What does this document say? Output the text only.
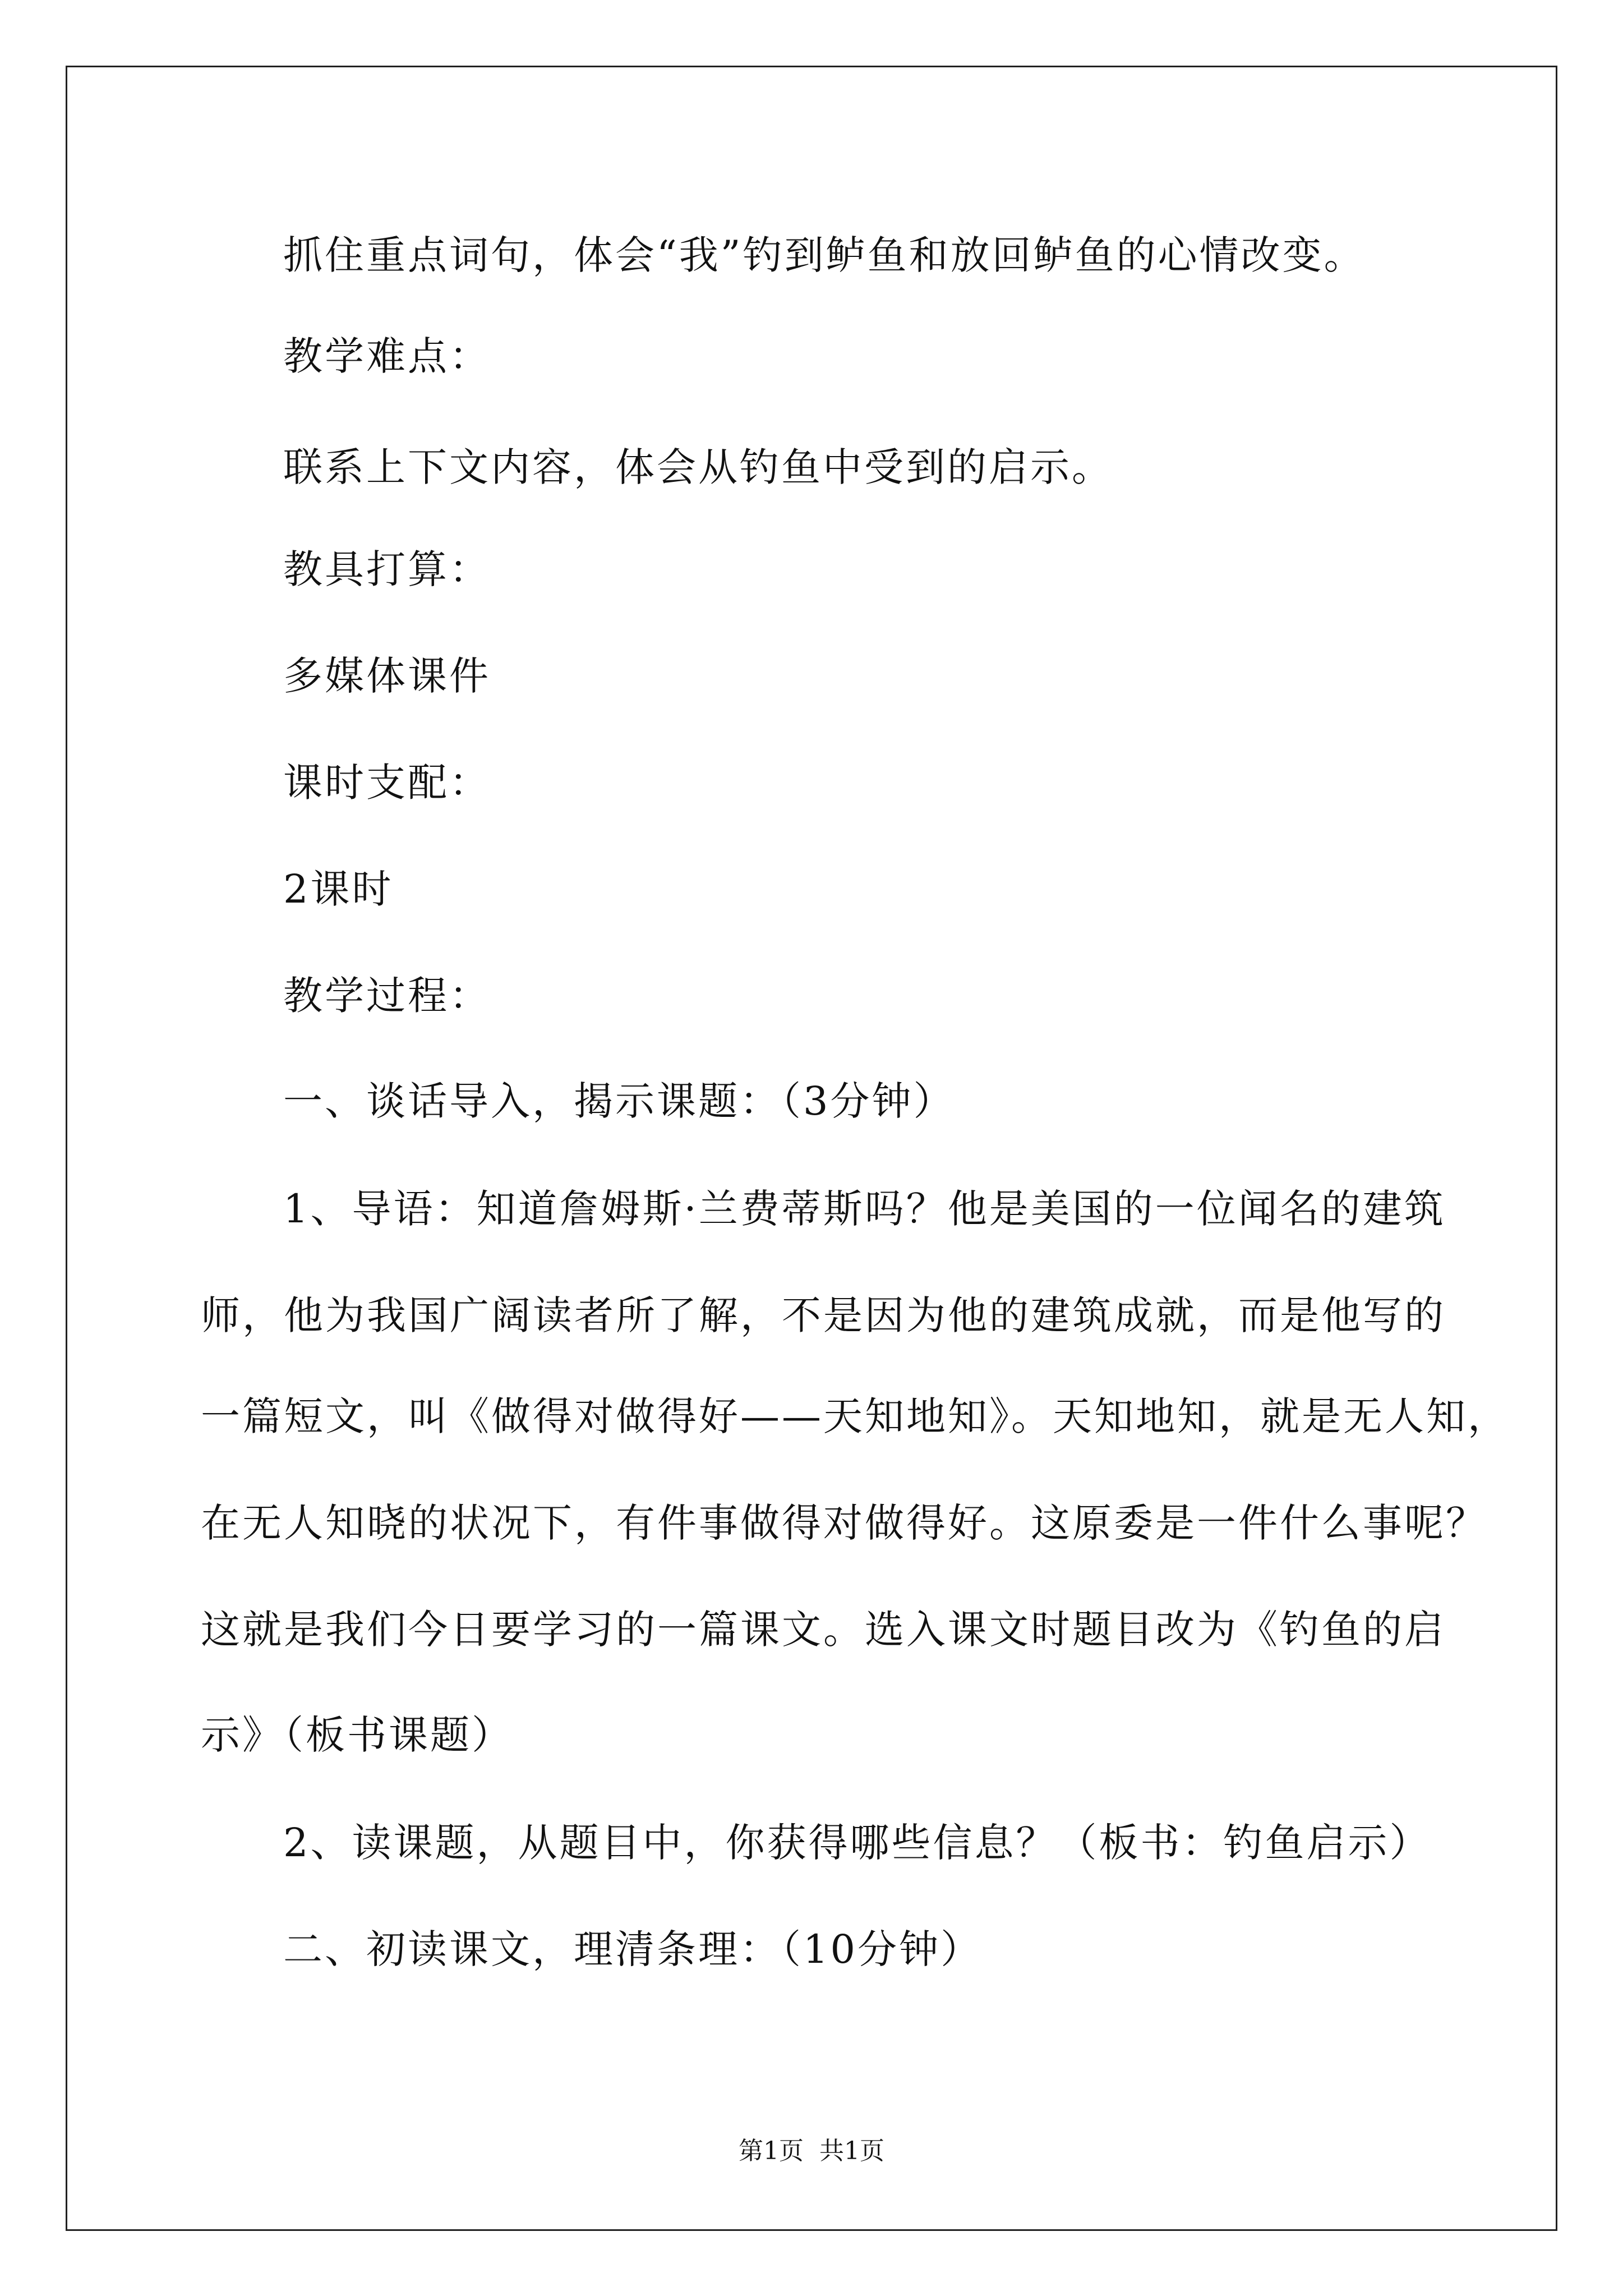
抓住重点词句，体会“我”钓到鲈鱼和放回鲈鱼的心情改变。
教学难点：
联系上下文内容，体会从钓鱼中受到的启示。
教具打算：
多媒体课件
课时支配：
2课时
教学过程：
一、谈话导入，揭示课题：（3分钟）
1、导语：知道詹姆斯·兰费蒂斯吗？他是美国的一位闻名的建筑
师，他为我国广阔读者所了解，不是因为他的建筑成就，而是他写的
一篇短文，叫《做得对做得好——天知地知》。天知地知，就是无人知，
在无人知晓的状况下，有件事做得对做得好。这原委是一件什么事呢？
这就是我们今日要学习的一篇课文。选入课文时题目改为《钓鱼的启
示》（板书课题）
2、读课题，从题目中，你获得哪些信息？（板书：钓鱼启示）
二、初读课文，理清条理：（10分钟）
第1页 共1页
